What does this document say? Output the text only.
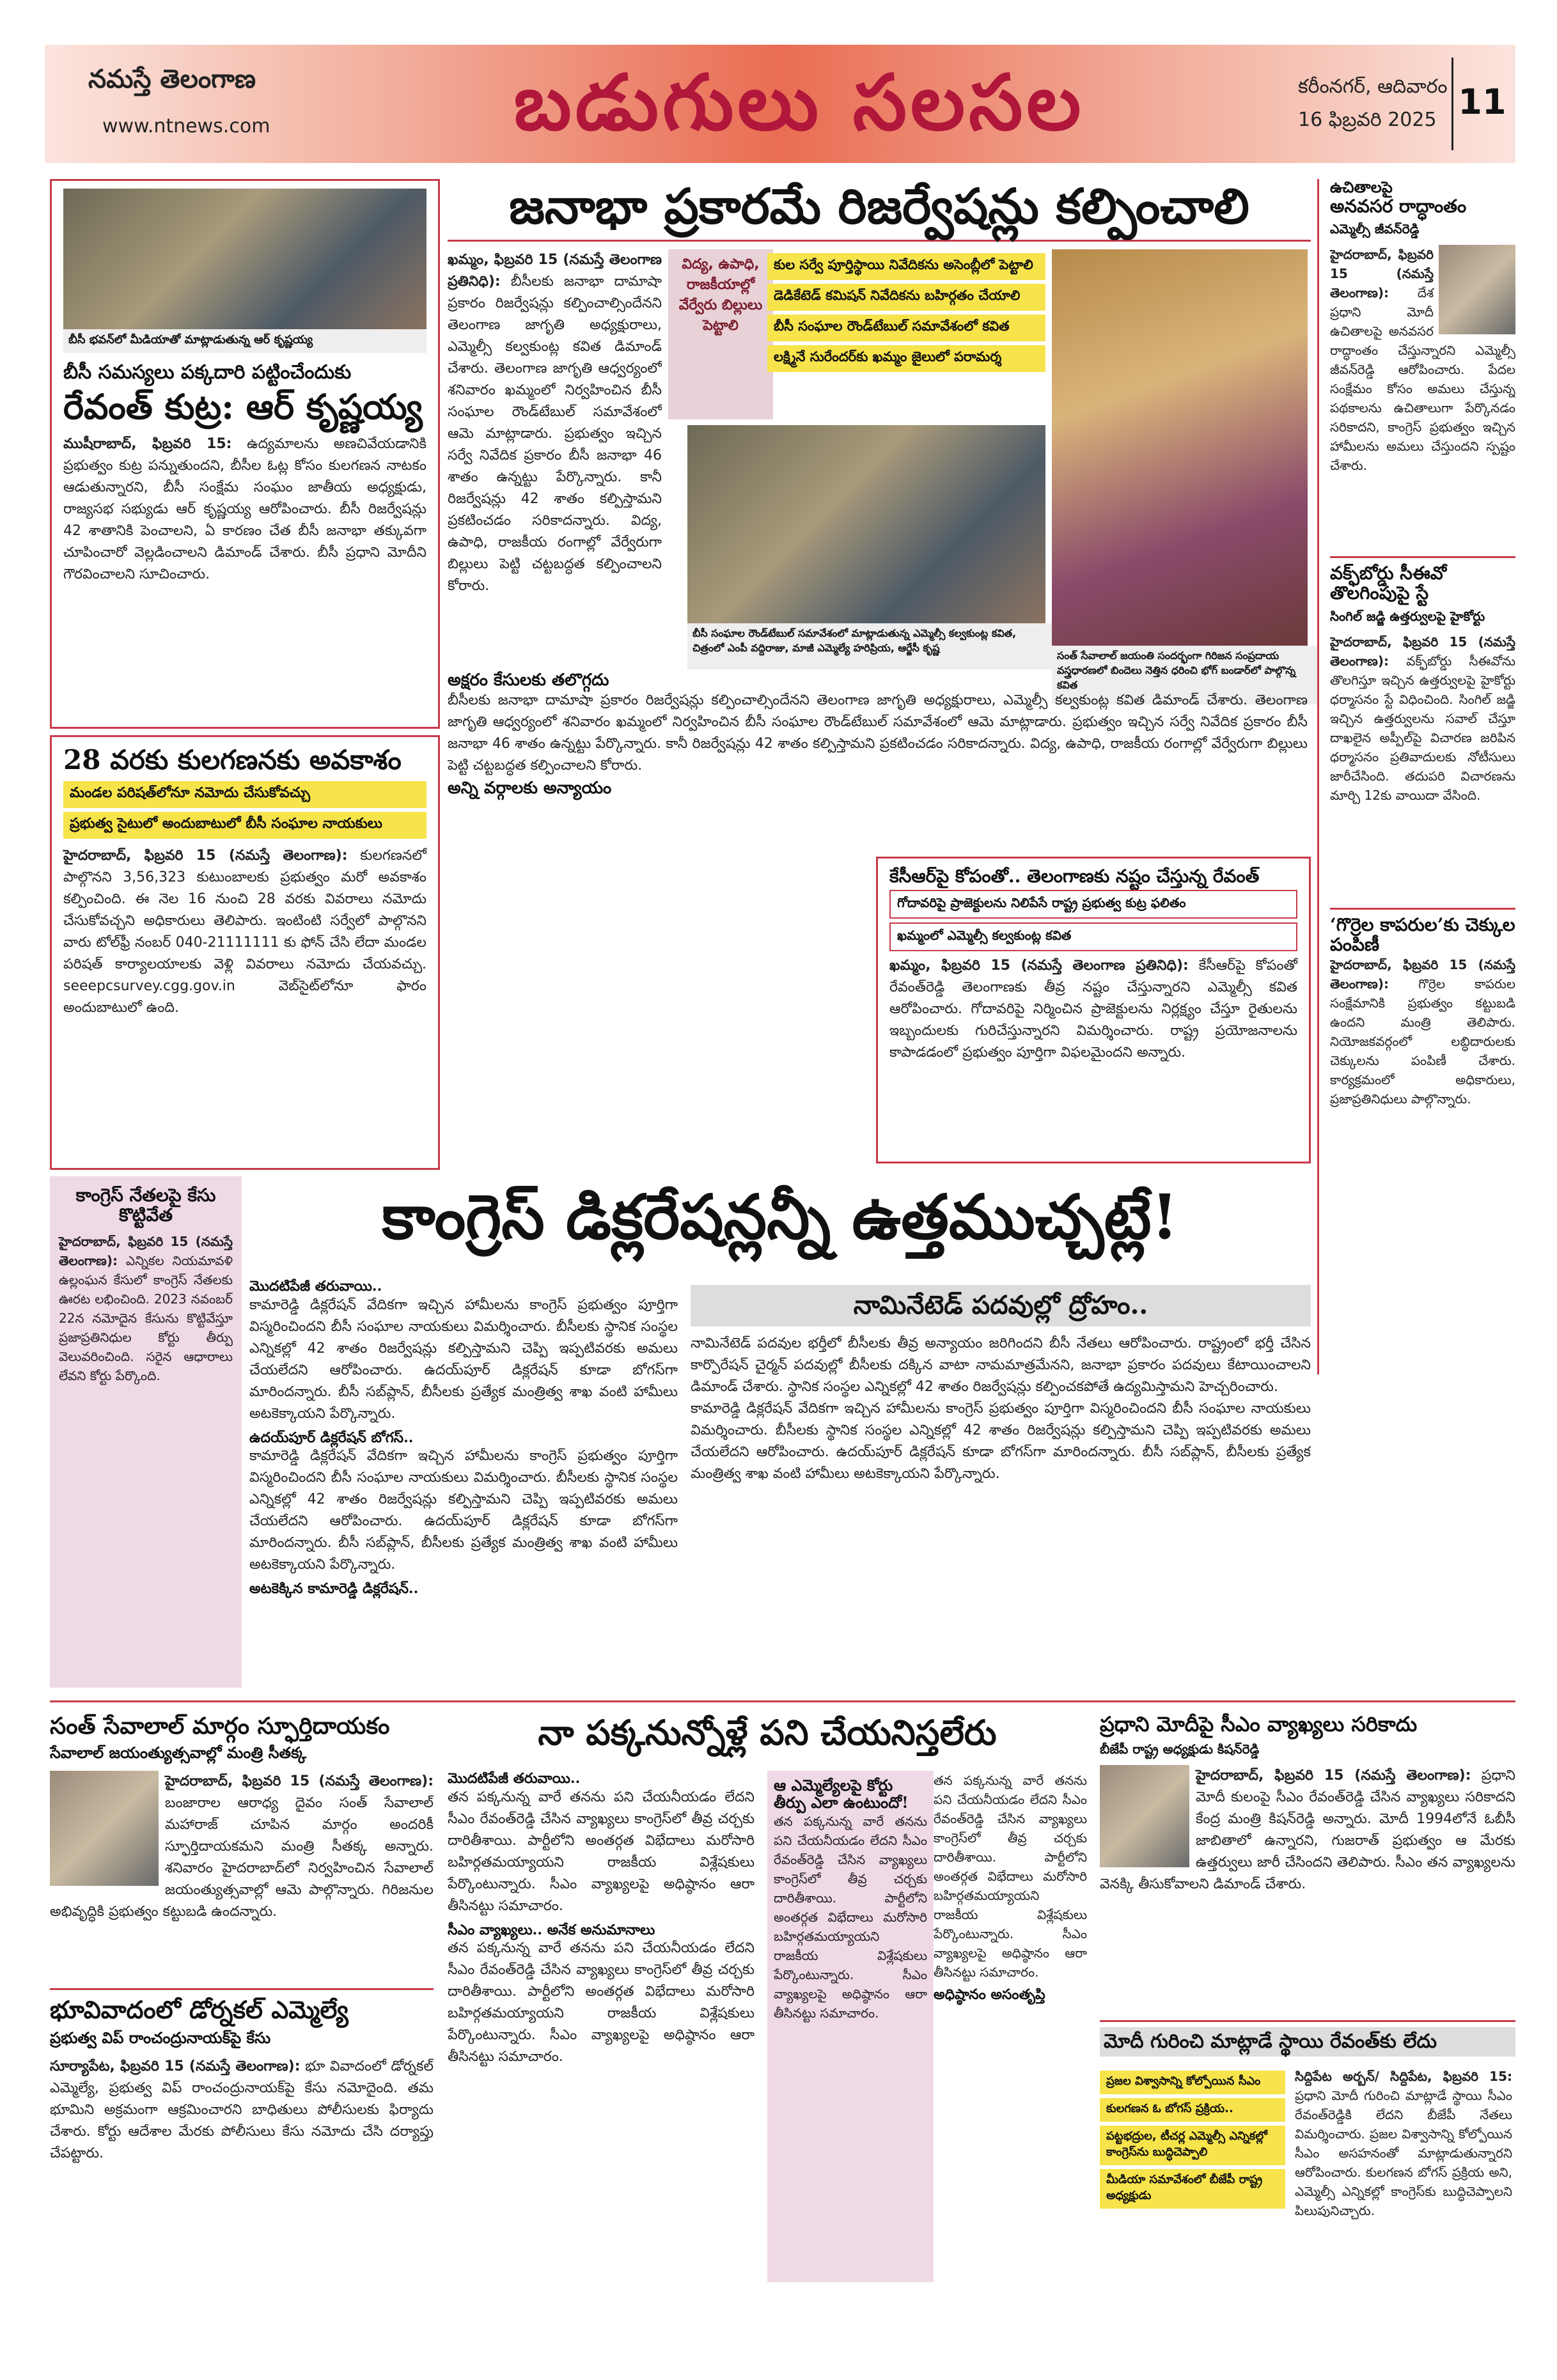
నమస్తే తెలంగాణ
www.ntnews.com	బడుగులు సలసల	కరీంనగర్, ఆదివారం
16 ఫిబ్రవరి 2025 11
బీసీ భవన్‌లో మీడియాతో మాట్లాడుతున్న ఆర్‌ కృష్ణయ్య
బీసీ సమస్యలు పక్కదారి పట్టించేందుకు
రేవంత్‌ కుట్ర: ఆర్‌ కృష్ణయ్య
ముషీరాబాద్‌, ఫిబ్రవరి 15: ఉద్యమాలను అణచివేయడానికి ప్రభుత్వం కుట్ర పన్నుతుందని, బీసీల ఓట్ల కోసం కులగణన నాటకం ఆడుతున్నారని, బీసీ సంక్షేమ సంఘం జాతీయ అధ్యక్షుడు, రాజ్యసభ సభ్యుడు ఆర్‌ కృష్ణయ్య ఆరోపించారు. బీసీ రిజర్వేషన్లు 42 శాతానికి పెంచాలని, ఏ కారణం చేత బీసీ జనాభా తక్కువగా చూపించారో వెల్లడించాలని డిమాండ్‌ చేశారు. బీసీ ప్రధాని మోదీని గౌరవించాలని సూచించారు.
28 వరకు కులగణనకు అవకాశం
మండల పరిషత్‌లోనూ నమోదు చేసుకోవచ్చు
ప్రభుత్వ సైటులో అందుబాటులో బీసీ సంఘాల నాయకులు
హైదరాబాద్‌, ఫిబ్రవరి 15 (నమస్తే తెలంగాణ): కులగణనలో పాల్గొనని 3,56,323 కుటుంబాలకు ప్రభుత్వం మరో అవకాశం కల్పించింది. ఈ నెల 16 నుంచి 28 వరకు వివరాలు నమోదు చేసుకోవచ్చని అధికారులు తెలిపారు. ఇంటింటి సర్వేలో పాల్గొనని వారు టోల్‌ఫ్రీ నంబర్‌ 040-21111111 కు ఫోన్‌ చేసి లేదా మండల పరిషత్‌ కార్యాలయాలకు వెళ్లి వివరాలు నమోదు చేయవచ్చు. seeepcsurvey.cgg.gov.in వెబ్‌సైట్‌లోనూ ఫారం అందుబాటులో ఉంది.
జనాభా ప్రకారమే రిజర్వేషన్లు కల్పించాలి
ఖమ్మం, ఫిబ్రవరి 15 (నమస్తే తెలంగాణ ప్రతినిధి): బీసీలకు జనాభా దామాషా ప్రకారం రిజర్వేషన్లు కల్పించాల్సిందేనని తెలంగాణ జాగృతి అధ్యక్షురాలు, ఎమ్మెల్సీ కల్వకుంట్ల కవిత డిమాండ్‌ చేశారు. తెలంగాణ జాగృతి ఆధ్వర్యంలో శనివారం ఖమ్మంలో నిర్వహించిన బీసీ సంఘాల రౌండ్‌టేబుల్‌ సమావేశంలో ఆమె మాట్లాడారు. ప్రభుత్వం ఇచ్చిన సర్వే నివేదిక ప్రకారం బీసీ జనాభా 46 శాతం ఉన్నట్టు పేర్కొన్నారు. కానీ రిజర్వేషన్లు 42 శాతం కల్పిస్తామని ప్రకటించడం సరికాదన్నారు. విద్య, ఉపాధి, రాజకీయ రంగాల్లో వేర్వేరుగా బిల్లులు పెట్టి చట్టబద్ధత కల్పించాలని కోరారు.
విద్య, ఉపాధి, రాజకీయాల్లో వేర్వేరు బిల్లులు పెట్టాలి
కుల సర్వే పూర్తిస్థాయి నివేదికను అసెంబ్లీలో పెట్టాలి
డెడికేటెడ్‌ కమిషన్‌ నివేదికను బహిర్గతం చేయాలి
బీసీ సంఘాల రౌండ్‌టేబుల్‌ సమావేశంలో కవిత
లక్ష్మినే సురేందర్‌కు ఖమ్మం జైలులో పరామర్శ
బీసీ సంఘాల రౌండ్‌టేబుల్‌ సమావేశంలో మాట్లాడుతున్న ఎమ్మెల్సీ కల్వకుంట్ల కవిత, చిత్రంలో ఎంపీ వద్దిరాజు, మాజీ ఎమ్మెల్యే హరిప్రియ, ఆర్జేసీ కృష్ణ
సంత్‌ సేవాలాల్‌ జయంతి సందర్భంగా గిరిజన సంప్రదాయ వస్త్రధారణలో బిందెలు నెత్తిన ధరించి భోగ్‌ బండార్‌లో పాల్గొన్న కవిత
అక్షరం కేసులకు తలొగ్గదు
బీసీలకు జనాభా దామాషా ప్రకారం రిజర్వేషన్లు కల్పించాల్సిందేనని తెలంగాణ జాగృతి అధ్యక్షురాలు, ఎమ్మెల్సీ కల్వకుంట్ల కవిత డిమాండ్‌ చేశారు. తెలంగాణ జాగృతి ఆధ్వర్యంలో శనివారం ఖమ్మంలో నిర్వహించిన బీసీ సంఘాల రౌండ్‌టేబుల్‌ సమావేశంలో ఆమె మాట్లాడారు. ప్రభుత్వం ఇచ్చిన సర్వే నివేదిక ప్రకారం బీసీ జనాభా 46 శాతం ఉన్నట్టు పేర్కొన్నారు. కానీ రిజర్వేషన్లు 42 శాతం కల్పిస్తామని ప్రకటించడం సరికాదన్నారు. విద్య, ఉపాధి, రాజకీయ రంగాల్లో వేర్వేరుగా బిల్లులు పెట్టి చట్టబద్ధత కల్పించాలని కోరారు.
అన్ని వర్గాలకు అన్యాయం
ఉచితాలపై
అనవసర రాద్ధాంతం
ఎమ్మెల్సీ జీవన్‌రెడ్డి
హైదరాబాద్‌, ఫిబ్రవరి 15 (నమస్తే తెలంగాణ): దేశ ప్రధాని మోదీ ఉచితాలపై అనవసర రాద్ధాంతం చేస్తున్నారని ఎమ్మెల్సీ జీవన్‌రెడ్డి ఆరోపించారు. పేదల సంక్షేమం కోసం అమలు చేస్తున్న పథకాలను ఉచితాలుగా పేర్కొనడం సరికాదని, కాంగ్రెస్‌ ప్రభుత్వం ఇచ్చిన హామీలను అమలు చేస్తుందని స్పష్టం చేశారు.
వక్ఫ్‌బోర్డు సీఈవో తొలగింపుపై స్టే
సింగిల్‌ జడ్జి ఉత్తర్వులపై హైకోర్టు
హైదరాబాద్‌, ఫిబ్రవరి 15 (నమస్తే తెలంగాణ): వక్ఫ్‌బోర్డు సీఈవోను తొలగిస్తూ ఇచ్చిన ఉత్తర్వులపై హైకోర్టు ధర్మాసనం స్టే విధించింది. సింగిల్‌ జడ్జి ఇచ్చిన ఉత్తర్వులను సవాల్‌ చేస్తూ దాఖలైన అప్పీల్‌పై విచారణ జరిపిన ధర్మాసనం ప్రతివాదులకు నోటీసులు జారీచేసింది. తదుపరి విచారణను మార్చి 12కు వాయిదా వేసింది.
‘గొర్రెల కాపరుల’కు చెక్కుల పంపిణీ
హైదరాబాద్‌, ఫిబ్రవరి 15 (నమస్తే తెలంగాణ): గొర్రెల కాపరుల సంక్షేమానికి ప్రభుత్వం కట్టుబడి ఉందని మంత్రి తెలిపారు. నియోజకవర్గంలో లబ్ధిదారులకు చెక్కులను పంపిణీ చేశారు. కార్యక్రమంలో అధికారులు, ప్రజాప్రతినిధులు పాల్గొన్నారు.
కేసీఆర్‌పై కోపంతో.. తెలంగాణకు నష్టం చేస్తున్న రేవంత్‌
గోదావరిపై ప్రాజెక్టులను నిలిపేసే రాష్ట్ర ప్రభుత్వ కుట్ర ఫలితం
ఖమ్మంలో ఎమ్మెల్సీ కల్వకుంట్ల కవిత
ఖమ్మం, ఫిబ్రవరి 15 (నమస్తే తెలంగాణ ప్రతినిధి): కేసీఆర్‌పై కోపంతో రేవంత్‌రెడ్డి తెలంగాణకు తీవ్ర నష్టం చేస్తున్నారని ఎమ్మెల్సీ కవిత ఆరోపించారు. గోదావరిపై నిర్మించిన ప్రాజెక్టులను నిర్లక్ష్యం చేస్తూ రైతులను ఇబ్బందులకు గురిచేస్తున్నారని విమర్శించారు. రాష్ట్ర ప్రయోజనాలను కాపాడడంలో ప్రభుత్వం పూర్తిగా విఫలమైందని అన్నారు.
కాంగ్రెస్‌ నేతలపై కేసు కొట్టివేత
హైదరాబాద్‌, ఫిబ్రవరి 15 (నమస్తే తెలంగాణ): ఎన్నికల నియమావళి ఉల్లంఘన కేసులో కాంగ్రెస్‌ నేతలకు ఊరట లభించింది. 2023 నవంబర్‌ 22న నమోదైన కేసును కొట్టివేస్తూ ప్రజాప్రతినిధుల కోర్టు తీర్పు వెలువరించింది. సరైన ఆధారాలు లేవని కోర్టు పేర్కొంది.
కాంగ్రెస్‌ డిక్లరేషన్లన్నీ ఉత్తముచ్చట్లే!
మొదటిపేజీ తరువాయి..
కామారెడ్డి డిక్లరేషన్‌ వేదికగా ఇచ్చిన హామీలను కాంగ్రెస్‌ ప్రభుత్వం పూర్తిగా విస్మరించిందని బీసీ సంఘాల నాయకులు విమర్శించారు. బీసీలకు స్థానిక సంస్థల ఎన్నికల్లో 42 శాతం రిజర్వేషన్లు కల్పిస్తామని చెప్పి ఇప్పటివరకు అమలు చేయలేదని ఆరోపించారు. ఉదయ్‌పూర్‌ డిక్లరేషన్‌ కూడా బోగస్‌గా మారిందన్నారు. బీసీ సబ్‌ప్లాన్‌, బీసీలకు ప్రత్యేక మంత్రిత్వ శాఖ వంటి హామీలు అటకెక్కాయని పేర్కొన్నారు.
ఉదయ్‌పూర్‌ డిక్లరేషన్‌ బోగస్‌..
కామారెడ్డి డిక్లరేషన్‌ వేదికగా ఇచ్చిన హామీలను కాంగ్రెస్‌ ప్రభుత్వం పూర్తిగా విస్మరించిందని బీసీ సంఘాల నాయకులు విమర్శించారు. బీసీలకు స్థానిక సంస్థల ఎన్నికల్లో 42 శాతం రిజర్వేషన్లు కల్పిస్తామని చెప్పి ఇప్పటివరకు అమలు చేయలేదని ఆరోపించారు. ఉదయ్‌పూర్‌ డిక్లరేషన్‌ కూడా బోగస్‌గా మారిందన్నారు. బీసీ సబ్‌ప్లాన్‌, బీసీలకు ప్రత్యేక మంత్రిత్వ శాఖ వంటి హామీలు అటకెక్కాయని పేర్కొన్నారు.
అటకెక్కిన కామారెడ్డి డిక్లరేషన్‌..
నామినేటెడ్‌ పదవుల్లో ద్రోహం..
నామినేటెడ్‌ పదవుల భర్తీలో బీసీలకు తీవ్ర అన్యాయం జరిగిందని బీసీ నేతలు ఆరోపించారు. రాష్ట్రంలో భర్తీ చేసిన కార్పొరేషన్‌ చైర్మన్‌ పదవుల్లో బీసీలకు దక్కిన వాటా నామమాత్రమేనని, జనాభా ప్రకారం పదవులు కేటాయించాలని డిమాండ్‌ చేశారు. స్థానిక సంస్థల ఎన్నికల్లో 42 శాతం రిజర్వేషన్లు కల్పించకపోతే ఉద్యమిస్తామని హెచ్చరించారు.
కామారెడ్డి డిక్లరేషన్‌ వేదికగా ఇచ్చిన హామీలను కాంగ్రెస్‌ ప్రభుత్వం పూర్తిగా విస్మరించిందని బీసీ సంఘాల నాయకులు విమర్శించారు. బీసీలకు స్థానిక సంస్థల ఎన్నికల్లో 42 శాతం రిజర్వేషన్లు కల్పిస్తామని చెప్పి ఇప్పటివరకు అమలు చేయలేదని ఆరోపించారు. ఉదయ్‌పూర్‌ డిక్లరేషన్‌ కూడా బోగస్‌గా మారిందన్నారు. బీసీ సబ్‌ప్లాన్‌, బీసీలకు ప్రత్యేక మంత్రిత్వ శాఖ వంటి హామీలు అటకెక్కాయని పేర్కొన్నారు.
సంత్‌ సేవాలాల్‌ మార్గం స్ఫూర్తిదాయకం
సేవాలాల్‌ జయంత్యుత్సవాల్లో మంత్రి సీతక్క
హైదరాబాద్‌, ఫిబ్రవరి 15 (నమస్తే తెలంగాణ): బంజారాల ఆరాధ్య దైవం సంత్‌ సేవాలాల్‌ మహారాజ్‌ చూపిన మార్గం అందరికీ స్ఫూర్తిదాయకమని మంత్రి సీతక్క అన్నారు. శనివారం హైదరాబాద్‌లో నిర్వహించిన సేవాలాల్‌ జయంత్యుత్సవాల్లో ఆమె పాల్గొన్నారు. గిరిజనుల అభివృద్ధికి ప్రభుత్వం కట్టుబడి ఉందన్నారు.
భూవివాదంలో డోర్నకల్‌ ఎమ్మెల్యే
ప్రభుత్వ విప్‌ రాంచంద్రునాయక్‌పై కేసు
సూర్యాపేట, ఫిబ్రవరి 15 (నమస్తే తెలంగాణ): భూ వివాదంలో డోర్నకల్‌ ఎమ్మెల్యే, ప్రభుత్వ విప్‌ రాంచంద్రునాయక్‌పై కేసు నమోదైంది. తమ భూమిని అక్రమంగా ఆక్రమించారని బాధితులు పోలీసులకు ఫిర్యాదు చేశారు. కోర్టు ఆదేశాల మేరకు పోలీసులు కేసు నమోదు చేసి దర్యాప్తు చేపట్టారు.
నా పక్కనున్నోళ్లే పని చేయనిస్తలేరు
మొదటిపేజీ తరువాయి..
తన పక్కనున్న వారే తనను పని చేయనీయడం లేదని సీఎం రేవంత్‌రెడ్డి చేసిన వ్యాఖ్యలు కాంగ్రెస్‌లో తీవ్ర చర్చకు దారితీశాయి. పార్టీలోని అంతర్గత విభేదాలు మరోసారి బహిర్గతమయ్యాయని రాజకీయ విశ్లేషకులు పేర్కొంటున్నారు. సీఎం వ్యాఖ్యలపై అధిష్ఠానం ఆరా తీసినట్టు సమాచారం.
సీఎం వ్యాఖ్యలు.. అనేక అనుమానాలు
తన పక్కనున్న వారే తనను పని చేయనీయడం లేదని సీఎం రేవంత్‌రెడ్డి చేసిన వ్యాఖ్యలు కాంగ్రెస్‌లో తీవ్ర చర్చకు దారితీశాయి. పార్టీలోని అంతర్గత విభేదాలు మరోసారి బహిర్గతమయ్యాయని రాజకీయ విశ్లేషకులు పేర్కొంటున్నారు. సీఎం వ్యాఖ్యలపై అధిష్ఠానం ఆరా తీసినట్టు సమాచారం.
ఆ ఎమ్మెల్యేలపై కోర్టు తీర్పు ఎలా ఉంటుందో!
తన పక్కనున్న వారే తనను పని చేయనీయడం లేదని సీఎం రేవంత్‌రెడ్డి చేసిన వ్యాఖ్యలు కాంగ్రెస్‌లో తీవ్ర చర్చకు దారితీశాయి. పార్టీలోని అంతర్గత విభేదాలు మరోసారి బహిర్గతమయ్యాయని రాజకీయ విశ్లేషకులు పేర్కొంటున్నారు. సీఎం వ్యాఖ్యలపై అధిష్ఠానం ఆరా తీసినట్టు సమాచారం.
తన పక్కనున్న వారే తనను పని చేయనీయడం లేదని సీఎం రేవంత్‌రెడ్డి చేసిన వ్యాఖ్యలు కాంగ్రెస్‌లో తీవ్ర చర్చకు దారితీశాయి. పార్టీలోని అంతర్గత విభేదాలు మరోసారి బహిర్గతమయ్యాయని రాజకీయ విశ్లేషకులు పేర్కొంటున్నారు. సీఎం వ్యాఖ్యలపై అధిష్ఠానం ఆరా తీసినట్టు సమాచారం.
అధిష్ఠానం అసంతృప్తి
ప్రధాని మోదీపై సీఎం వ్యాఖ్యలు సరికాదు
బీజేపీ రాష్ట్ర అధ్యక్షుడు కిషన్‌రెడ్డి
హైదరాబాద్‌, ఫిబ్రవరి 15 (నమస్తే తెలంగాణ): ప్రధాని మోదీ కులంపై సీఎం రేవంత్‌రెడ్డి చేసిన వ్యాఖ్యలు సరికాదని కేంద్ర మంత్రి కిషన్‌రెడ్డి అన్నారు. మోదీ 1994లోనే ఓబీసీ జాబితాలో ఉన్నారని, గుజరాత్‌ ప్రభుత్వం ఆ మేరకు ఉత్తర్వులు జారీ చేసిందని తెలిపారు. సీఎం తన వ్యాఖ్యలను వెనక్కి తీసుకోవాలని డిమాండ్‌ చేశారు.
మోదీ గురించి మాట్లాడే స్థాయి రేవంత్‌కు లేదు
ప్రజల విశ్వాసాన్ని కోల్పోయిన సీఎం
కులగణన ఓ బోగస్‌ ప్రక్రియ..
పట్టభద్రుల, టీచర్ల ఎమ్మెల్సీ ఎన్నికల్లో కాంగ్రెస్‌ను బుద్ధిచెప్పాలి
మీడియా సమావేశంలో బీజేపీ రాష్ట్ర అధ్యక్షుడు
సిద్దిపేట అర్బన్‌/ సిద్దిపేట, ఫిబ్రవరి 15: ప్రధాని మోదీ గురించి మాట్లాడే స్థాయి సీఎం రేవంత్‌రెడ్డికి లేదని బీజేపీ నేతలు విమర్శించారు. ప్రజల విశ్వాసాన్ని కోల్పోయిన సీఎం అసహనంతో మాట్లాడుతున్నారని ఆరోపించారు. కులగణన బోగస్‌ ప్రక్రియ అని, ఎమ్మెల్సీ ఎన్నికల్లో కాంగ్రెస్‌కు బుద్ధిచెప్పాలని పిలుపునిచ్చారు.
